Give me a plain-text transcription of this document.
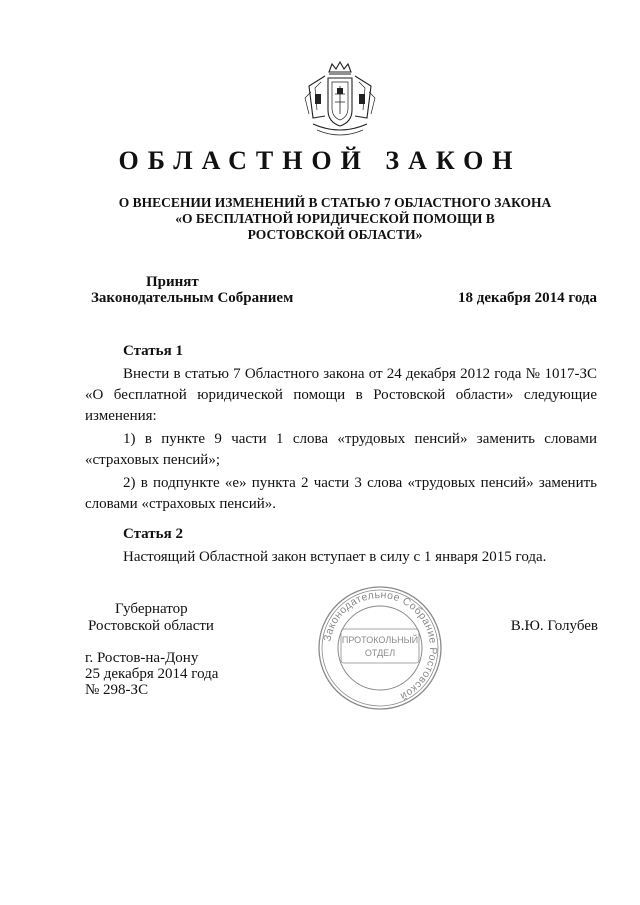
ОБЛАСТНОЙ ЗАКОН
О ВНЕСЕНИИ ИЗМЕНЕНИЙ В СТАТЬЮ 7 ОБЛАСТНОГО ЗАКОНА
«О БЕСПЛАТНОЙ ЮРИДИЧЕСКОЙ ПОМОЩИ В
РОСТОВСКОЙ ОБЛАСТИ»
Принят
Законодательным Собранием	18 декабря 2014 года
Статья 1

Внести в статью 7 Областного закона от 24 декабря 2012 года № 1017-ЗС «О бесплатной юридической помощи в Ростовской области» следующие изменения:

1) в пункте 9 части 1 слова «трудовых пенсий» заменить словами «страховых пенсий»;

2) в подпункте «е» пункта 2 части 3 слова «трудовых пенсий» заменить словами «страховых пенсий».

Статья 2

Настоящий Областной закон вступает в силу с 1 января 2015 года.

Губернатор
Ростовской области	В.Ю. Голубев
г. Ростов-на-Дону
25 декабря 2014 года
№ 298-ЗС
Законодательное Собрание Ростовской
ПРОТОКОЛЬНЫЙ
ОТДЕЛ
